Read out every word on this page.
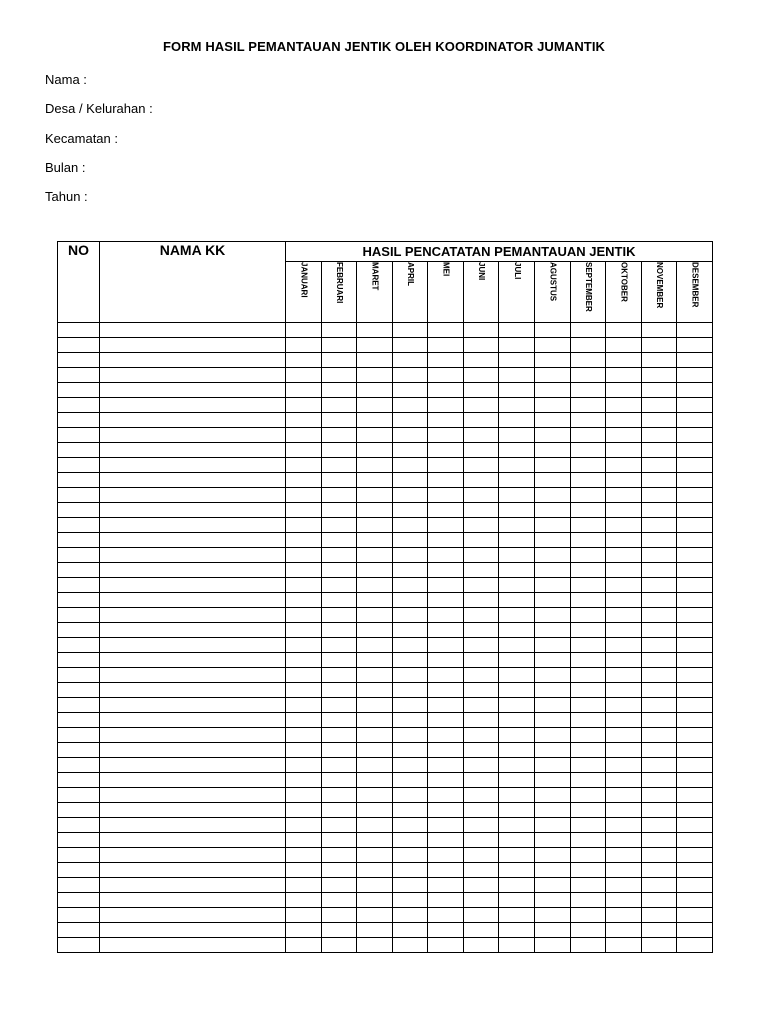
FORM HASIL PEMANTAUAN JENTIK OLEH KOORDINATOR JUMANTIK
Nama :
Desa / Kelurahan :
Kecamatan :
Bulan :
Tahun :
NO	NAMA KK	HASIL PENCATATAN PEMANTAUAN JENTIK											
		JANUARI	FEBRUARI	MARET	APRIL	MEI	JUNI	JULI	AGUSTUS	SEPTEMBER	OKTOBER	NOVEMBER	DESEMBER
